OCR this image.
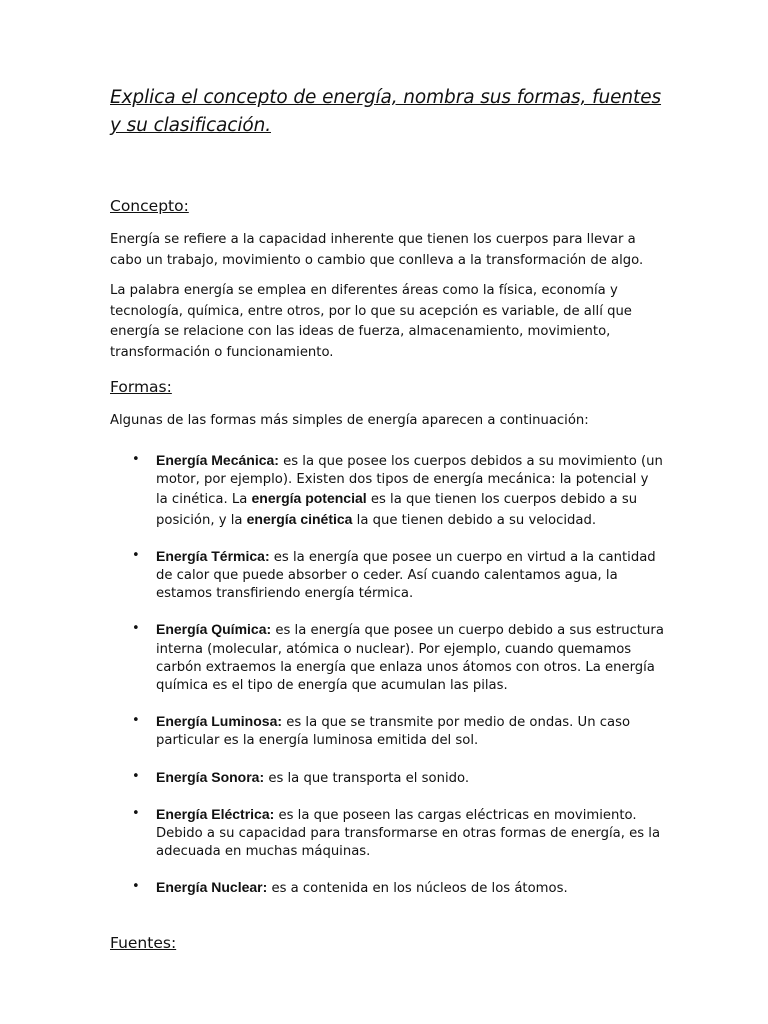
Explica el concepto de energía, nombra sus formas, fuentes y su clasificación.
Concepto:

Energía se refiere a la capacidad inherente que tienen los cuerpos para llevar a cabo un trabajo, movimiento o cambio que conlleva a la transformación de algo.

La palabra energía se emplea en diferentes áreas como la física, economía y tecnología, química, entre otros, por lo que su acepción es variable, de allí que energía se relacione con las ideas de fuerza, almacenamiento, movimiento, transformación o funcionamiento.

Formas:

Algunas de las formas más simples de energía aparecen a continuación:

• Energía Mecánica: es la que posee los cuerpos debidos a su movimiento (un motor, por ejemplo). Existen dos tipos de energía mecánica: la potencial y la cinética. La energía potencial es la que tienen los cuerpos debido a su posición, y la energía cinética la que tienen debido a su velocidad.
• Energía Térmica: es la energía que posee un cuerpo en virtud a la cantidad de calor que puede absorber o ceder. Así cuando calentamos agua, la estamos transfiriendo energía térmica.
• Energía Química: es la energía que posee un cuerpo debido a sus estructura interna (molecular, atómica o nuclear). Por ejemplo, cuando quemamos carbón extraemos la energía que enlaza unos átomos con otros. La energía química es el tipo de energía que acumulan las pilas.
• Energía Luminosa: es la que se transmite por medio de ondas. Un caso particular es la energía luminosa emitida del sol.
• Energía Sonora: es la que transporta el sonido.
• Energía Eléctrica: es la que poseen las cargas eléctricas en movimiento. Debido a su capacidad para transformarse en otras formas de energía, es la adecuada en muchas máquinas.
• Energía Nuclear: es a contenida en los núcleos de los átomos.
Fuentes:
